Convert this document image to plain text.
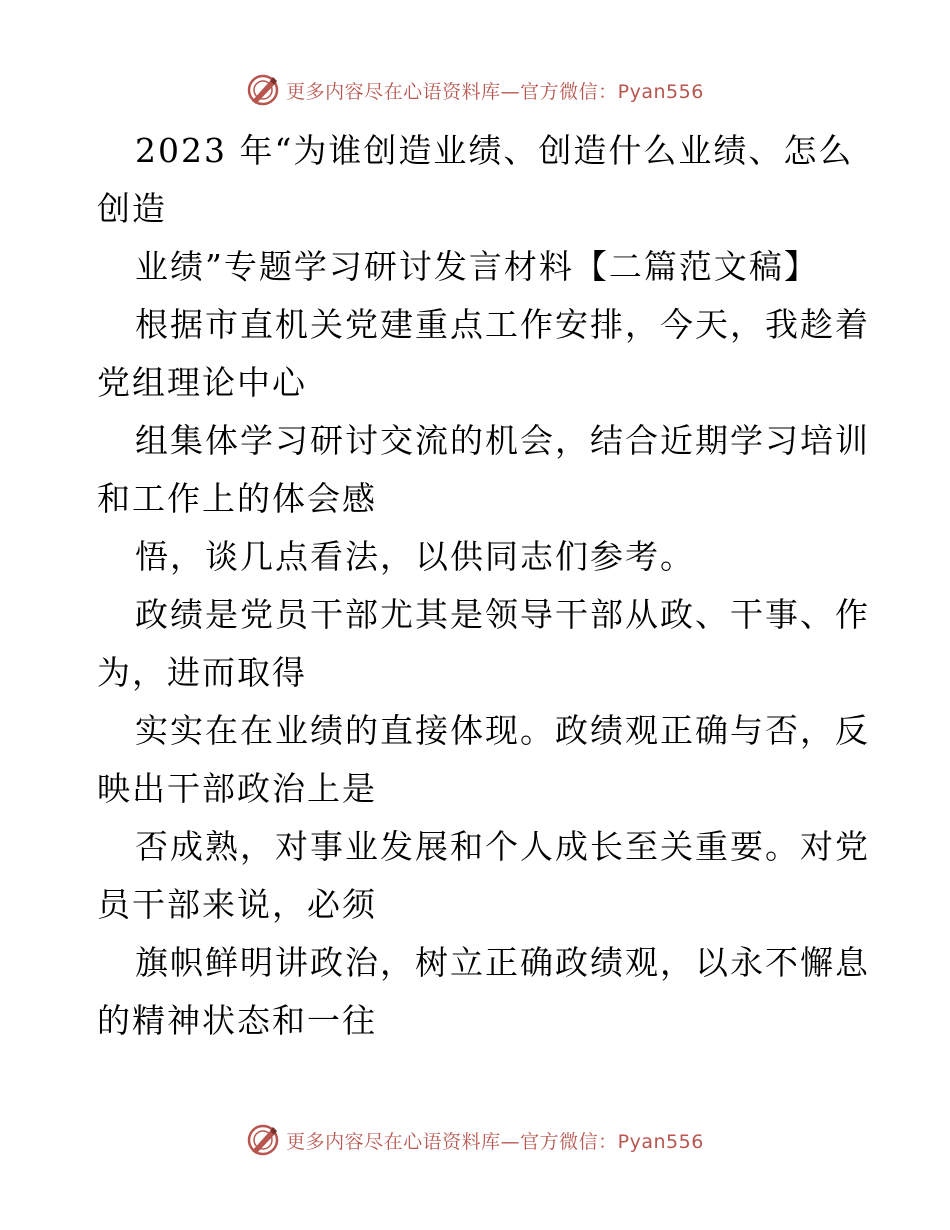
更多内容尽在心语资料库—官方微信：Pyan556
2023 年“为谁创造业绩、创造什么业绩、怎么
创造
业绩”专题学习研讨发言材料【二篇范文稿】
根据市直机关党建重点工作安排，今天，我趁着
党组理论中心
组集体学习研讨交流的机会，结合近期学习培训
和工作上的体会感
悟，谈几点看法，以供同志们参考。
政绩是党员干部尤其是领导干部从政、干事、作
为，进而取得
实实在在业绩的直接体现。政绩观正确与否，反
映出干部政治上是
否成熟，对事业发展和个人成长至关重要。对党
员干部来说，必须
旗帜鲜明讲政治，树立正确政绩观，以永不懈息
的精神状态和一往
更多内容尽在心语资料库—官方微信：Pyan556
